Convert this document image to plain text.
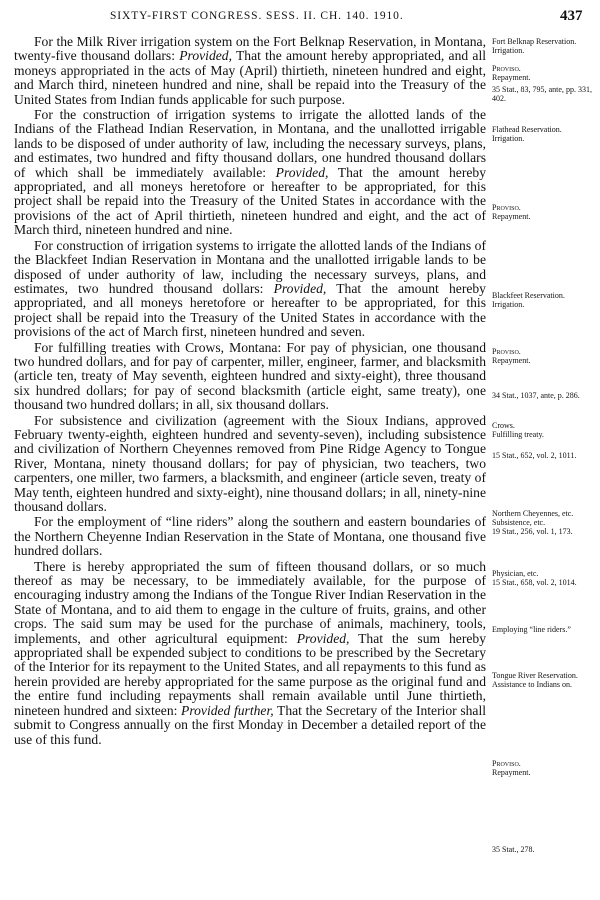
SIXTY-FIRST CONGRESS. SESS. II. CH. 140. 1910.	437

For the Milk River irrigation system on the Fort Belknap Reservation, in Montana, twenty-five thousand dollars: Provided, That the amount hereby appropriated, and all moneys appropriated in the acts of May (April) thirtieth, nineteen hundred and eight, and March third, nineteen hundred and nine, shall be repaid into the Treasury of the United States from Indian funds applicable for such purpose.

For the construction of irrigation systems to irrigate the allotted lands of the Indians of the Flathead Indian Reservation, in Montana, and the unallotted irrigable lands to be disposed of under authority of law, including the necessary surveys, plans, and estimates, two hundred and fifty thousand dollars, one hundred thousand dollars of which shall be immediately available: Provided, That the amount hereby appropriated, and all moneys heretofore or hereafter to be appropriated, for this project shall be repaid into the Treasury of the United States in accordance with the provisions of the act of April thirtieth, nineteen hundred and eight, and the act of March third, nineteen hundred and nine.

For construction of irrigation systems to irrigate the allotted lands of the Indians of the Blackfeet Indian Reservation in Montana and the unallotted irrigable lands to be disposed of under authority of law, including the necessary surveys, plans, and estimates, two hundred thousand dollars: Provided, That the amount hereby appropriated, and all moneys heretofore or hereafter to be appropriated, for this project shall be repaid into the Treasury of the United States in accordance with the provisions of the act of March first, nineteen hundred and seven.

For fulfilling treaties with Crows, Montana: For pay of physician, one thousand two hundred dollars, and for pay of carpenter, miller, engineer, farmer, and blacksmith (article ten, treaty of May seventh, eighteen hundred and sixty-eight), three thousand six hundred dollars; for pay of second blacksmith (article eight, same treaty), one thousand two hundred dollars; in all, six thousand dollars.

For subsistence and civilization (agreement with the Sioux Indians, approved February twenty-eighth, eighteen hundred and seventy-seven), including subsistence and civilization of Northern Cheyennes removed from Pine Ridge Agency to Tongue River, Montana, ninety thousand dollars; for pay of physician, two teachers, two carpenters, one miller, two farmers, a blacksmith, and engineer (article seven, treaty of May tenth, eighteen hundred and sixty-eight), nine thousand dollars; in all, ninety-nine thousand dollars.

For the employment of “line riders” along the southern and eastern boundaries of the Northern Cheyenne Indian Reservation in the State of Montana, one thousand five hundred dollars.

There is hereby appropriated the sum of fifteen thousand dollars, or so much thereof as may be necessary, to be immediately available, for the purpose of encouraging industry among the Indians of the Tongue River Indian Reservation in the State of Montana, and to aid them to engage in the culture of fruits, grains, and other crops. The said sum may be used for the purchase of animals, machinery, tools, implements, and other agricultural equipment: Provided, That the sum hereby appropriated shall be expended subject to conditions to be prescribed by the Secretary of the Interior for its repayment to the United States, and all repayments to this fund as herein provided are hereby appropriated for the same purpose as the original fund and the entire fund including repayments shall remain available until June thirtieth, nineteen hundred and sixteen: Provided further, That the Secretary of the Interior shall submit to Congress annually on the first Monday in December a detailed report of the use of this fund.

Fort Belknap Reservation.
Irrigation.
Proviso.
Repayment.
35 Stat., 83, 795, ante, pp. 331, 402.
Flathead Reservation.
Irrigation.
Proviso.
Repayment.
Blackfeet Reservation.
Irrigation.
Proviso.
Repayment.
34 Stat., 1037, ante, p. 286.
Crows.
Fulfilling treaty.
15 Stat., 652, vol. 2, 1011.
Northern Cheyennes, etc.
Subsistence, etc.
19 Stat., 256, vol. 1, 173.
Physician, etc.
15 Stat., 658, vol. 2, 1014.
Employing “line riders.”
Tongue River Reservation.
Assistance to Indians on.
Proviso.
Repayment.
35 Stat., 278.
